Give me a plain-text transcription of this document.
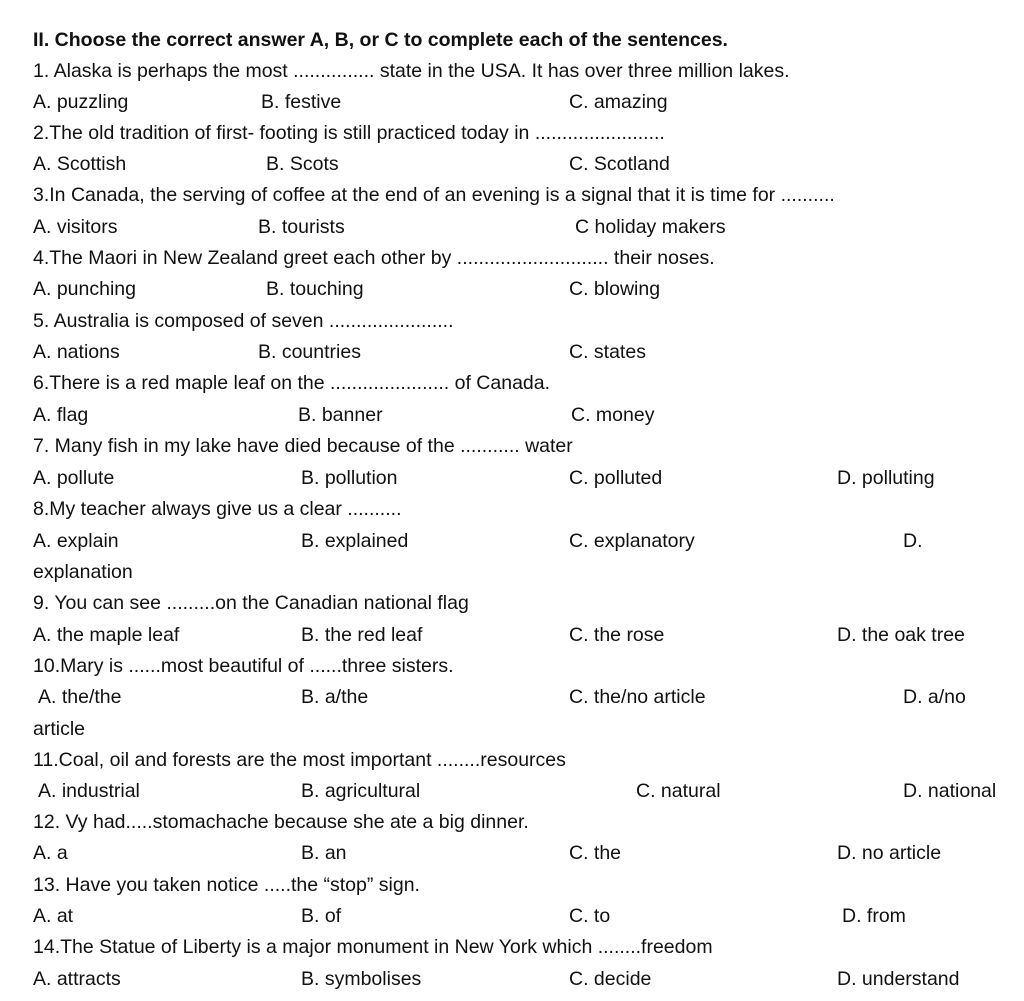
II. Choose the correct answer A, B, or C to complete each of the sentences.
1. Alaska is perhaps the most ............... state in the USA. It has over three million lakes.
A. puzzling	B. festive	C. amazing
2.The old tradition of first- footing is still practiced today in ........................
A. Scottish	B. Scots	C. Scotland
3.In Canada, the serving of coffee at the end of an evening is a signal that it is time for ..........
A. visitors	B. tourists	C holiday makers
4.The Maori in New Zealand greet each other by ............................ their noses.
A. punching	B. touching	C. blowing
5. Australia is composed of seven .......................
A. nations	B. countries	C. states
6.There is a red maple leaf on the ...................... of Canada.
A. flag	B. banner	C. money
7. Many fish in my lake have died because of the ........... water
A. pollute	B. pollution	C. polluted	D. polluting
8.My teacher always give us a clear ..........
A. explain	B. explained	C. explanatory	D.
explanation
9. You can see .........on the Canadian national flag
A. the maple leaf	B. the red leaf	C. the rose	D. the oak tree
10.Mary is ......most beautiful of ......three sisters.
A. the/the	B. a/the	C. the/no article	D. a/no
article
11.Coal, oil and forests are the most important ........resources
A. industrial	B. agricultural	C. natural	D. national
12. Vy had.....stomachache because she ate a big dinner.
A. a	B. an	C. the	D. no article
13. Have you taken notice .....the “stop” sign.
A. at	B. of	C. to	D. from
14.The Statue of Liberty is a major monument in New York which ........freedom
A. attracts	B. symbolises	C. decide	D. understand
